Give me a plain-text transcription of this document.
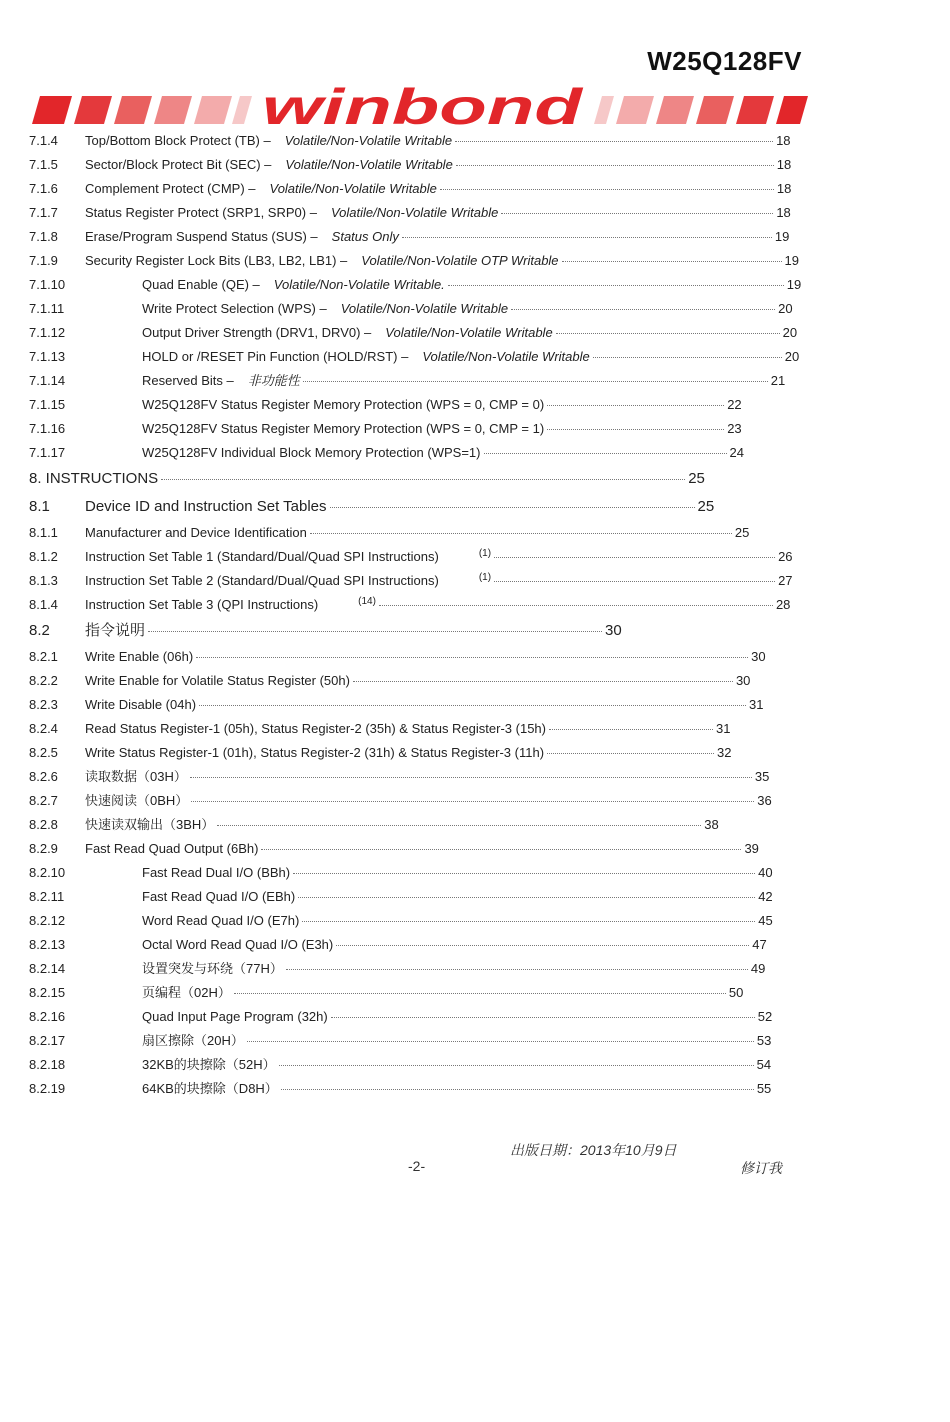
W25Q128FV
winbond
7.1.4 Top/Bottom Block Protect (TB) – Volatile/Non-Volatile Writable	18
7.1.5 Sector/Block Protect Bit (SEC) – Volatile/Non-Volatile Writable	18
7.1.6 Complement Protect (CMP) – Volatile/Non-Volatile Writable	18
7.1.7 Status Register Protect (SRP1, SRP0) – Volatile/Non-Volatile Writable	18
7.1.8 Erase/Program Suspend Status (SUS) – Status Only	19
7.1.9 Security Register Lock Bits (LB3, LB2, LB1) – Volatile/Non-Volatile OTP Writable	19
7.1.10	Quad Enable (QE) – Volatile/Non-Volatile Writable.	19
7.1.11	Write Protect Selection (WPS) – Volatile/Non-Volatile Writable	20
7.1.12	Output Driver Strength (DRV1, DRV0) – Volatile/Non-Volatile Writable	20
7.1.13	HOLD or /RESET Pin Function (HOLD/RST) – Volatile/Non-Volatile Writable	20
7.1.14	Reserved Bits – 非功能性	21
7.1.15	W25Q128FV Status Register Memory Protection (WPS = 0, CMP = 0)	22
7.1.16	W25Q128FV Status Register Memory Protection (WPS = 0, CMP = 1)	23
7.1.17	W25Q128FV Individual Block Memory Protection (WPS=1)	24
8. INSTRUCTIONS	25
8.1 Device ID and Instruction Set Tables	25
8.1.1 Manufacturer and Device Identification	25
8.1.2 Instruction Set Table 1 (Standard/Dual/Quad SPI Instructions)	(1)	26
8.1.3 Instruction Set Table 2 (Standard/Dual/Quad SPI Instructions)	(1)	27
8.1.4 Instruction Set Table 3 (QPI Instructions)	(14)	28
8.2 指令说明	30
8.2.1 Write Enable (06h)	30
8.2.2 Write Enable for Volatile Status Register (50h)	30
8.2.3 Write Disable (04h)	31
8.2.4 Read Status Register-1 (05h), Status Register-2 (35h) & Status Register-3 (15h)	31
8.2.5 Write Status Register-1 (01h), Status Register-2 (31h) & Status Register-3 (11h)	32
8.2.6 读取数据（03H）	35
8.2.7 快速阅读（0BH）	36
8.2.8 快速读双输出（3BH）	38
8.2.9 Fast Read Quad Output (6Bh)	39
8.2.10	Fast Read Dual I/O (BBh)	40
8.2.11	Fast Read Quad I/O (EBh)	42
8.2.12	Word Read Quad I/O (E7h)	45
8.2.13	Octal Word Read Quad I/O (E3h)	47
8.2.14	设置突发与环绕（77H）	49
8.2.15	页编程（02H）	50
8.2.16	Quad Input Page Program (32h)	52
8.2.17	扇区擦除（20H）	53
8.2.18	32KB的块擦除（52H）	54
8.2.19	64KB的块擦除（D8H）	55
出版日期：2013年10月9日
-2-	修订我
